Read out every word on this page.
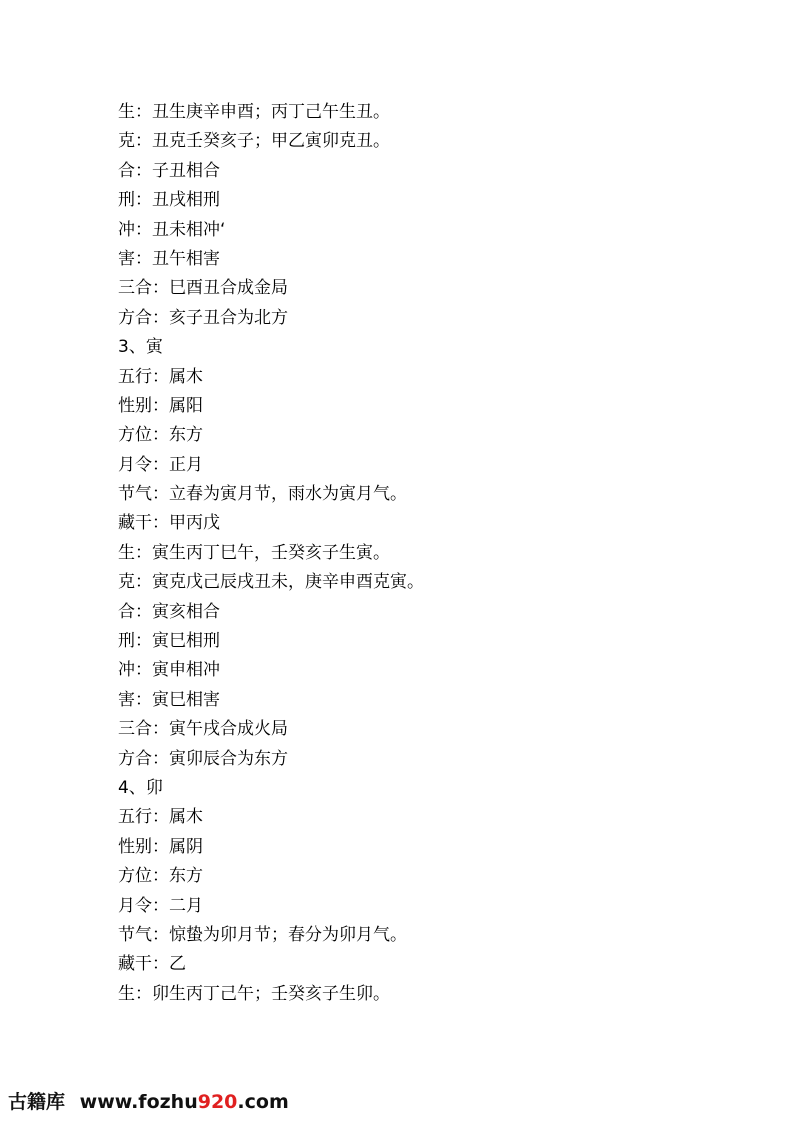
生：丑生庚辛申酉；丙丁己午生丑。
克：丑克壬癸亥子；甲乙寅卯克丑。
合：子丑相合
刑：丑戌相刑
冲：丑未相冲‘
害：丑午相害
三合：巳酉丑合成金局
方合：亥子丑合为北方
3、寅
五行：属木
性别：属阳
方位：东方
月令：正月
节气：立春为寅月节，雨水为寅月气。
藏干：甲丙戊
生：寅生丙丁巳午，壬癸亥子生寅。
克：寅克戊己辰戌丑未，庚辛申酉克寅。
合：寅亥相合
刑：寅巳相刑
冲：寅申相冲
害：寅巳相害
三合：寅午戌合成火局
方合：寅卯辰合为东方
4、卯
五行：属木
性别：属阴
方位：东方
月令：二月
节气：惊蛰为卯月节；春分为卯月气。
藏干：乙
生：卯生丙丁己午；壬癸亥子生卯。
古籍库 www.fozhu920.com
